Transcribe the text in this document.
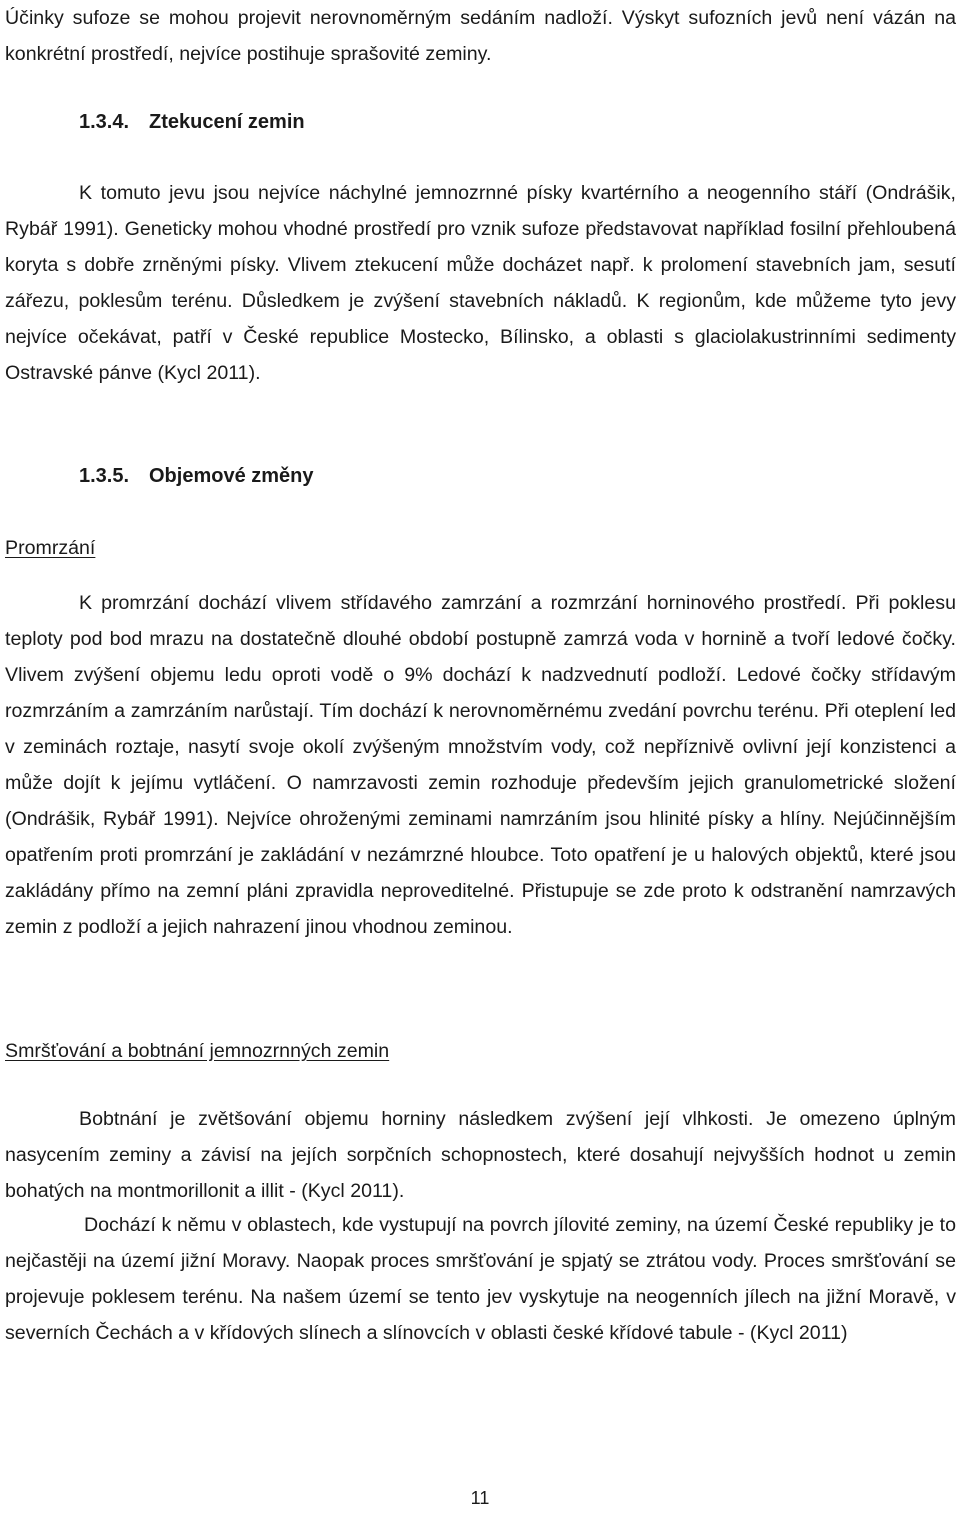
Účinky sufoze se mohou projevit nerovnoměrným sedáním nadloží. Výskyt sufozních jevů není vázán na konkrétní prostředí, nejvíce postihuje sprašovité zeminy.

1.3.4. Ztekucení zemin

K tomuto jevu jsou nejvíce náchylné jemnozrnné písky kvartérního a neogenního stáří (Ondrášik, Rybář 1991). Geneticky mohou vhodné prostředí pro vznik sufoze představovat například fosilní přehloubená koryta s dobře zrněnými písky. Vlivem ztekucení může docházet např. k prolomení stavebních jam, sesutí zářezu, poklesům terénu. Důsledkem je zvýšení stavebních nákladů. K regionům, kde můžeme tyto jevy nejvíce očekávat, patří v České republice Mostecko, Bílinsko, a oblasti s glaciolakustrinními sedimenty Ostravské pánve (Kycl 2011).

1.3.5. Objemové změny

Promrzání

K promrzání dochází vlivem střídavého zamrzání a rozmrzání horninového prostředí. Při poklesu teploty pod bod mrazu na dostatečně dlouhé období postupně zamrzá voda v hornině a tvoří ledové čočky. Vlivem zvýšení objemu ledu oproti vodě o 9% dochází k nadzvednutí podloží. Ledové čočky střídavým rozmrzáním a zamrzáním narůstají. Tím dochází k nerovnoměrnému zvedání povrchu terénu. Při oteplení led v zeminách roztaje, nasytí svoje okolí zvýšeným množstvím vody, což nepříznivě ovlivní její konzistenci a může dojít k jejímu vytláčení. O namrzavosti zemin rozhoduje především jejich granulometrické složení (Ondrášik, Rybář 1991). Nejvíce ohroženými zeminami namrzáním jsou hlinité písky a hlíny. Nejúčinnějším opatřením proti promrzání je zakládání v nezámrzné hloubce. Toto opatření je u halových objektů, které jsou zakládány přímo na zemní pláni zpravidla neproveditelné. Přistupuje se zde proto k odstranění namrzavých zemin z podloží a jejich nahrazení jinou vhodnou zeminou.

Smršťování a bobtnání jemnozrnných zemin

Bobtnání je zvětšování objemu horniny následkem zvýšení její vlhkosti. Je omezeno úplným nasycením zeminy a závisí na jejích sorpčních schopnostech, které dosahují nejvyšších hodnot u zemin bohatých na montmorillonit a illit - (Kycl 2011).

Dochází k němu v oblastech, kde vystupují na povrch jílovité zeminy, na území České republiky je to nejčastěji na území jižní Moravy. Naopak proces smršťování je spjatý se ztrátou vody. Proces smršťování se projevuje poklesem terénu. Na našem území se tento jev vyskytuje na neogenních jílech na jižní Moravě, v severních Čechách a v křídových slínech a slínovcích v oblasti české křídové tabule - (Kycl 2011)

11
